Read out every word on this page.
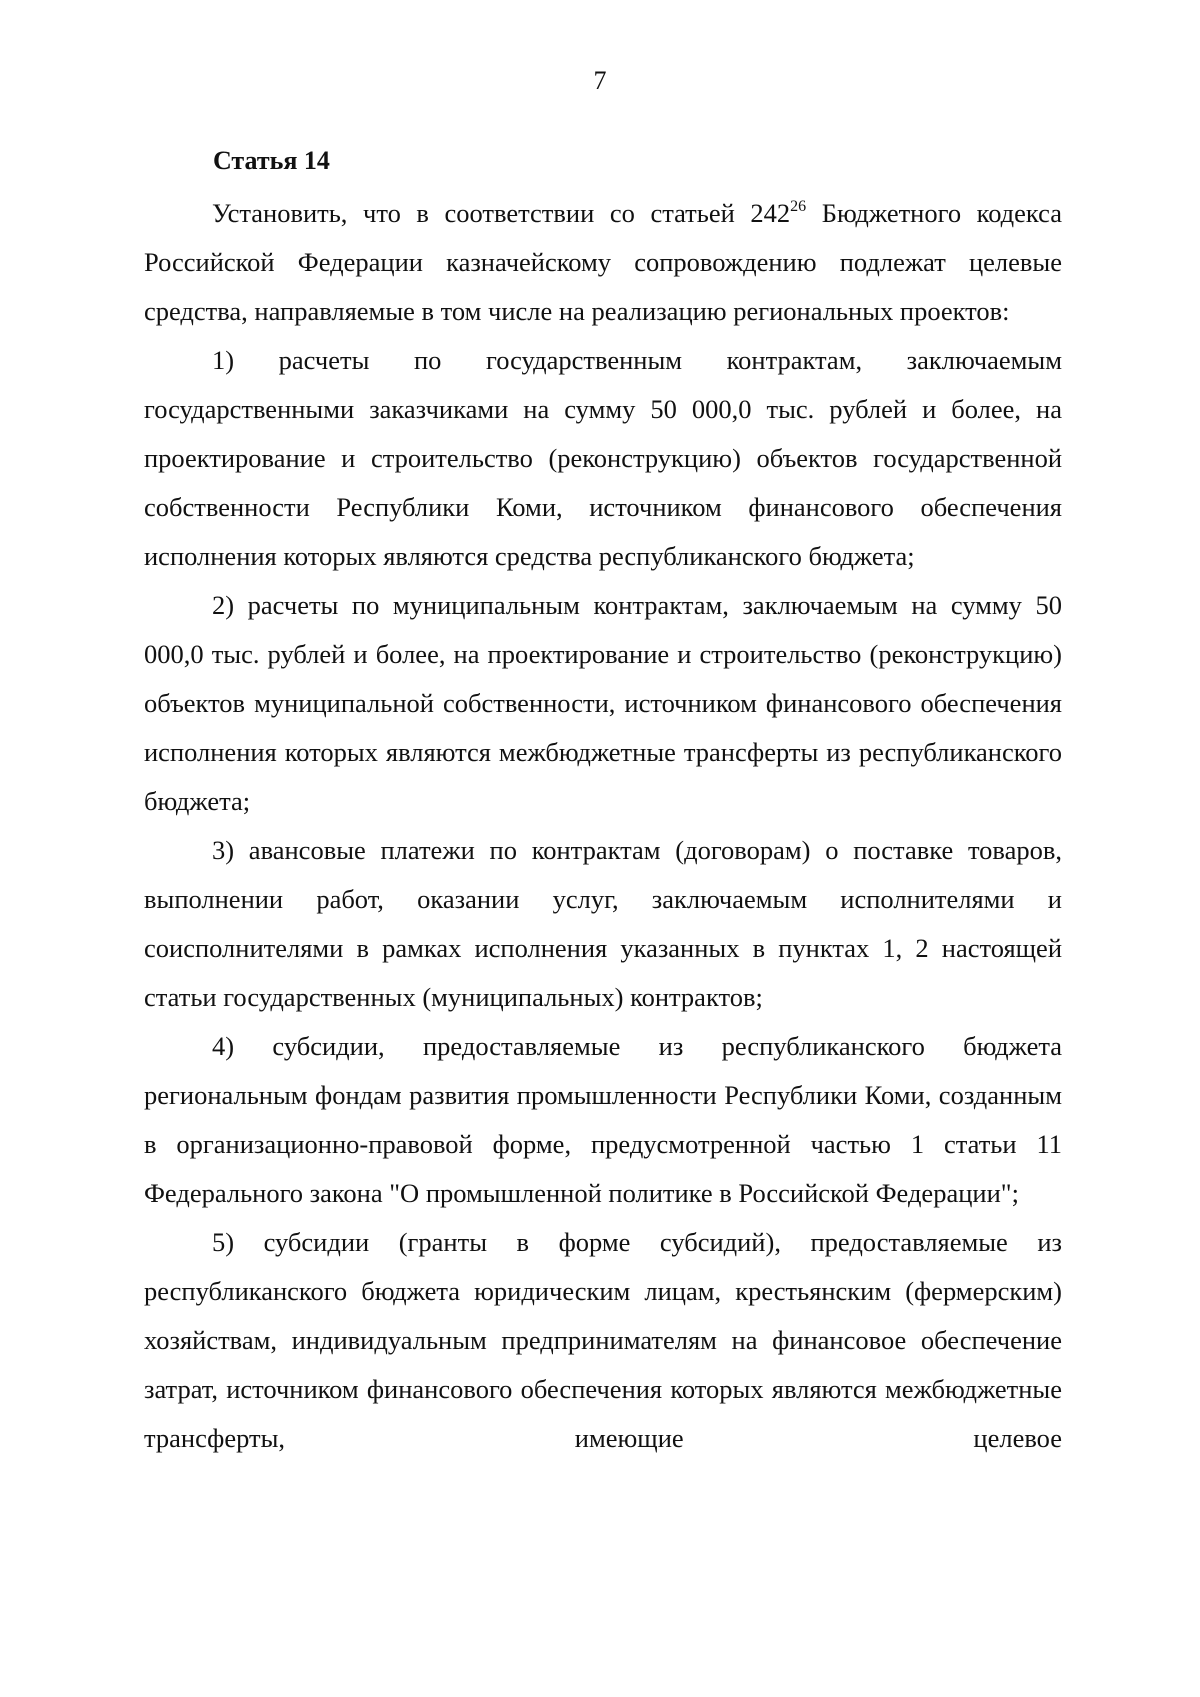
7
Статья 14

Установить, что в соответствии со статьей $242^{26}$ Бюджетного кодекса Российской Федерации казначейскому сопровождению подлежат целевые средства, направляемые в том числе на реализацию региональных проектов:

1) расчеты по государственным контрактам, заключаемым государственными заказчиками на сумму 50 000,0 тыс. рублей и более, на проектирование и строительство (реконструкцию) объектов государственной собственности Республики Коми, источником финансового обеспечения исполнения которых являются средства республиканского бюджета;

2) расчеты по муниципальным контрактам, заключаемым на сумму 50 000,0 тыс. рублей и более, на проектирование и строительство (реконструкцию) объектов муниципальной собственности, источником финансового обеспечения исполнения которых являются межбюджетные трансферты из республиканского бюджета;

3) авансовые платежи по контрактам (договорам) о поставке товаров, выполнении работ, оказании услуг, заключаемым исполнителями и соисполнителями в рамках исполнения указанных в пунктах 1, 2 настоящей статьи государственных (муниципальных) контрактов;

4) субсидии, предоставляемые из республиканского бюджета региональным фондам развития промышленности Республики Коми, созданным в организационно-правовой форме, предусмотренной частью 1 статьи 11 Федерального закона "О промышленной политике в Российской Федерации";

5) субсидии (гранты в форме субсидий), предоставляемые из республиканского бюджета юридическим лицам, крестьянским (фермерским) хозяйствам, индивидуальным предпринимателям на финансовое обеспечение затрат, источником финансового обеспечения которых являются межбюджетные трансферты, имеющие целевое
